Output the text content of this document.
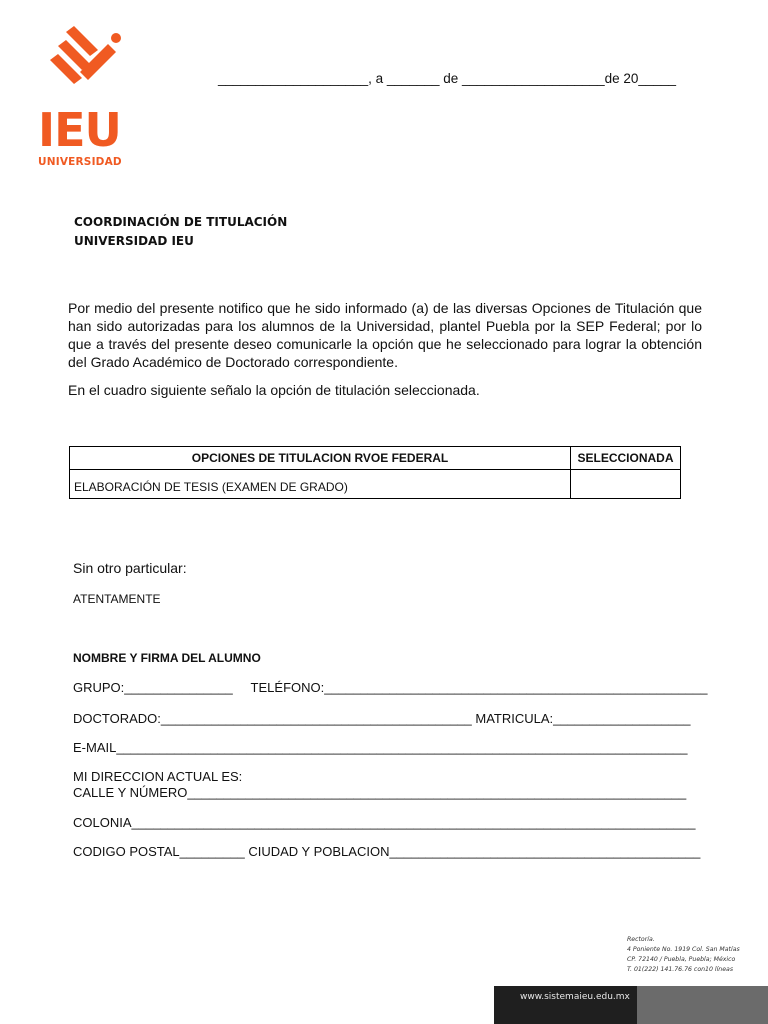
IEU
UNIVERSIDAD
____________________, a _______ de ___________________de 20_____
COORDINACIÓN DE TITULACIÓN
UNIVERSIDAD IEU
Por medio del presente notifico que he sido informado (a) de las diversas Opciones de Titulación que han sido autorizadas para los alumnos de la Universidad, plantel Puebla por la SEP Federal; por lo que a través del presente deseo comunicarle la opción que he seleccionado para lograr la obtención del Grado Académico de Doctorado correspondiente.
En el cuadro siguiente señalo la opción de titulación seleccionada.
OPCIONES DE TITULACION RVOE FEDERAL	SELECCIONADA
ELABORACIÓN DE TESIS (EXAMEN DE GRADO)	
Sin otro particular:
ATENTAMENTE
NOMBRE Y FIRMA DEL ALUMNO
GRUPO:_______________     TELÉFONO:_____________________________________________________
DOCTORADO:___________________________________________ MATRICULA:___________________
E-MAIL_______________________________________________________________________________
MI DIRECCION ACTUAL ES:
CALLE Y NÚMERO_____________________________________________________________________
COLONIA______________________________________________________________________________
CODIGO POSTAL_________ CIUDAD Y POBLACION___________________________________________
Rectoría.
4 Poniente No. 1919 Col. San Matías
CP. 72140 / Puebla, Puebla; México
T. 01(222) 141.76.76 con10 líneas
www.sistemaieu.edu.mx
